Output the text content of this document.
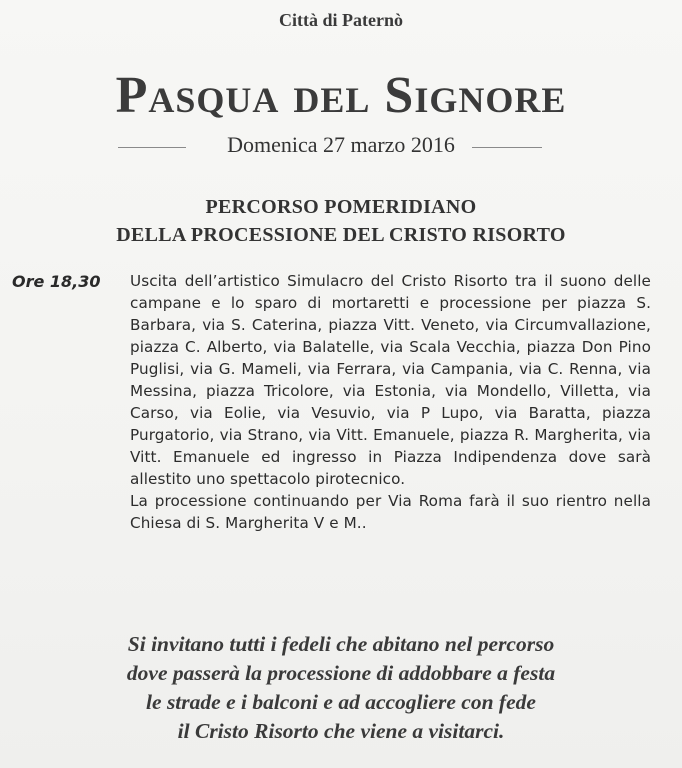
Città di Paternò
Pasqua del Signore
Domenica 27 marzo 2016
PERCORSO POMERIDIANO
DELLA PROCESSIONE DEL CRISTO RISORTO
Ore 18,30 Uscita dell’artistico Simulacro del Cristo Risorto tra il suono delle campane e lo sparo di mortaretti e processione per piazza S. Barbara, via S. Caterina, piazza Vitt. Veneto, via Circumvallazione, piazza C. Alberto, via Balatelle, via Scala Vecchia, piazza Don Pino Puglisi, via G. Mameli, via Ferrara, via Campania, via C. Renna, via Messina, piazza Tricolore, via Estonia, via Mondello, Villetta, via Carso, via Eolie, via Vesuvio, via P Lupo, via Baratta, piazza Purgatorio, via Strano, via Vitt. Emanuele, piazza R. Margherita, via Vitt. Emanuele ed ingresso in Piazza Indipendenza dove sarà allestito uno spettacolo pirotecnico.

La processione continuando per Via Roma farà il suo rientro nella Chiesa di S. Margherita V e M..

Si invitano tutti i fedeli che abitano nel percorso
dove passerà la processione di addobbare a festa
le strade e i balconi e ad accogliere con fede
il Cristo Risorto che viene a visitarci.
